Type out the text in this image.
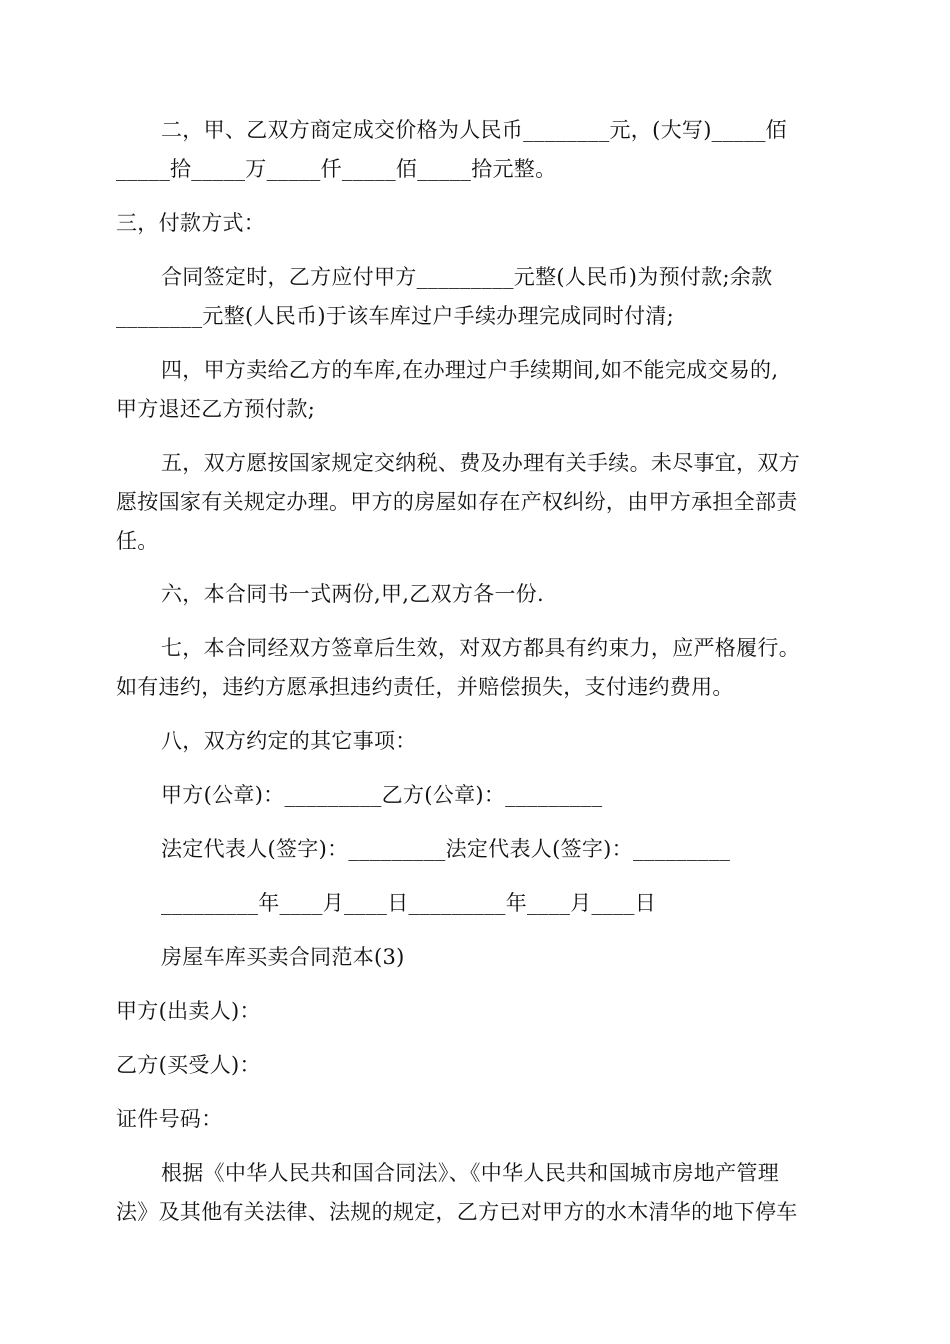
二，甲、乙双方商定成交价格为人民币________元，(大写)_____佰
_____拾_____万_____仟_____佰_____拾元整。
三，付款方式：
合同签定时，乙方应付甲方_________元整(人民币)为预付款;余款
________元整(人民币)于该车库过户手续办理完成同时付清;
四，甲方卖给乙方的车库,在办理过户手续期间,如不能完成交易的,
甲方退还乙方预付款;
五，双方愿按国家规定交纳税、费及办理有关手续。未尽事宜，双方
愿按国家有关规定办理。甲方的房屋如存在产权纠纷，由甲方承担全部责
任。
六，本合同书一式两份,甲,乙双方各一份.
七，本合同经双方签章后生效，对双方都具有约束力，应严格履行。
如有违约，违约方愿承担违约责任，并赔偿损失，支付违约费用。
八，双方约定的其它事项：
甲方(公章)：_________乙方(公章)：_________
法定代表人(签字)：_________法定代表人(签字)：_________
_________年____月____日_________年____月____日
房屋车库买卖合同范本(3)
甲方(出卖人)：
乙方(买受人)：
证件号码：
根据《中华人民共和国合同法》、《中华人民共和国城市房地产管理
法》及其他有关法律、法规的规定，乙方已对甲方的水木清华的地下停车
